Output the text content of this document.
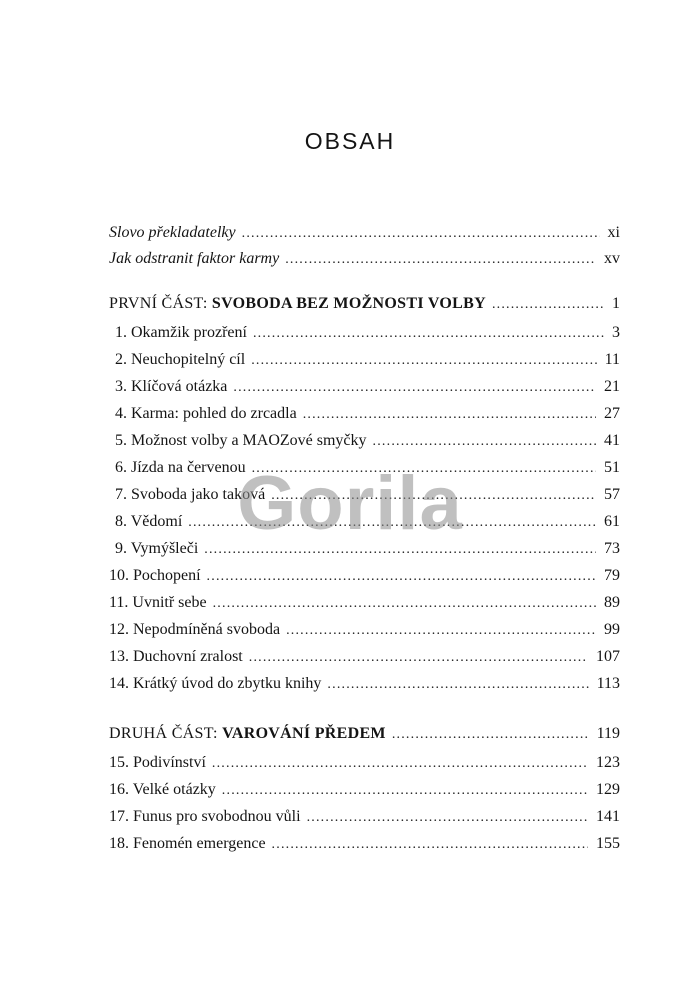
OBSAH
Slovo překladatelky .....	xi
Jak odstranit faktor karmy .....	xv
PRVNÍ ČÁST: SVOBODA BEZ MOŽNOSTI VOLBY .....	1
1. Okamžik prozření .....	3
2. Neuchopitelný cíl .....	11
3. Klíčová otázka .....	21
4. Karma: pohled do zrcadla .....	27
5. Možnost volby a MAOZové smyčky .....	41
6. Jízda na červenou .....	51
7. Svoboda jako taková .....	57
8. Vědomí .....	61
9. Vymýšleči .....	73
10. Pochopení .....	79
11. Uvnitř sebe .....	89
12. Nepodmíněná svoboda .....	99
13. Duchovní zralost .....	107
14. Krátký úvod do zbytku knihy .....	113
DRUHÁ ČÁST: VAROVÁNÍ PŘEDEM .....	119
15. Podivínství .....	123
16. Velké otázky .....	129
17. Funus pro svobodnou vůli .....	141
18. Fenomén emergence .....	155
Gorila
